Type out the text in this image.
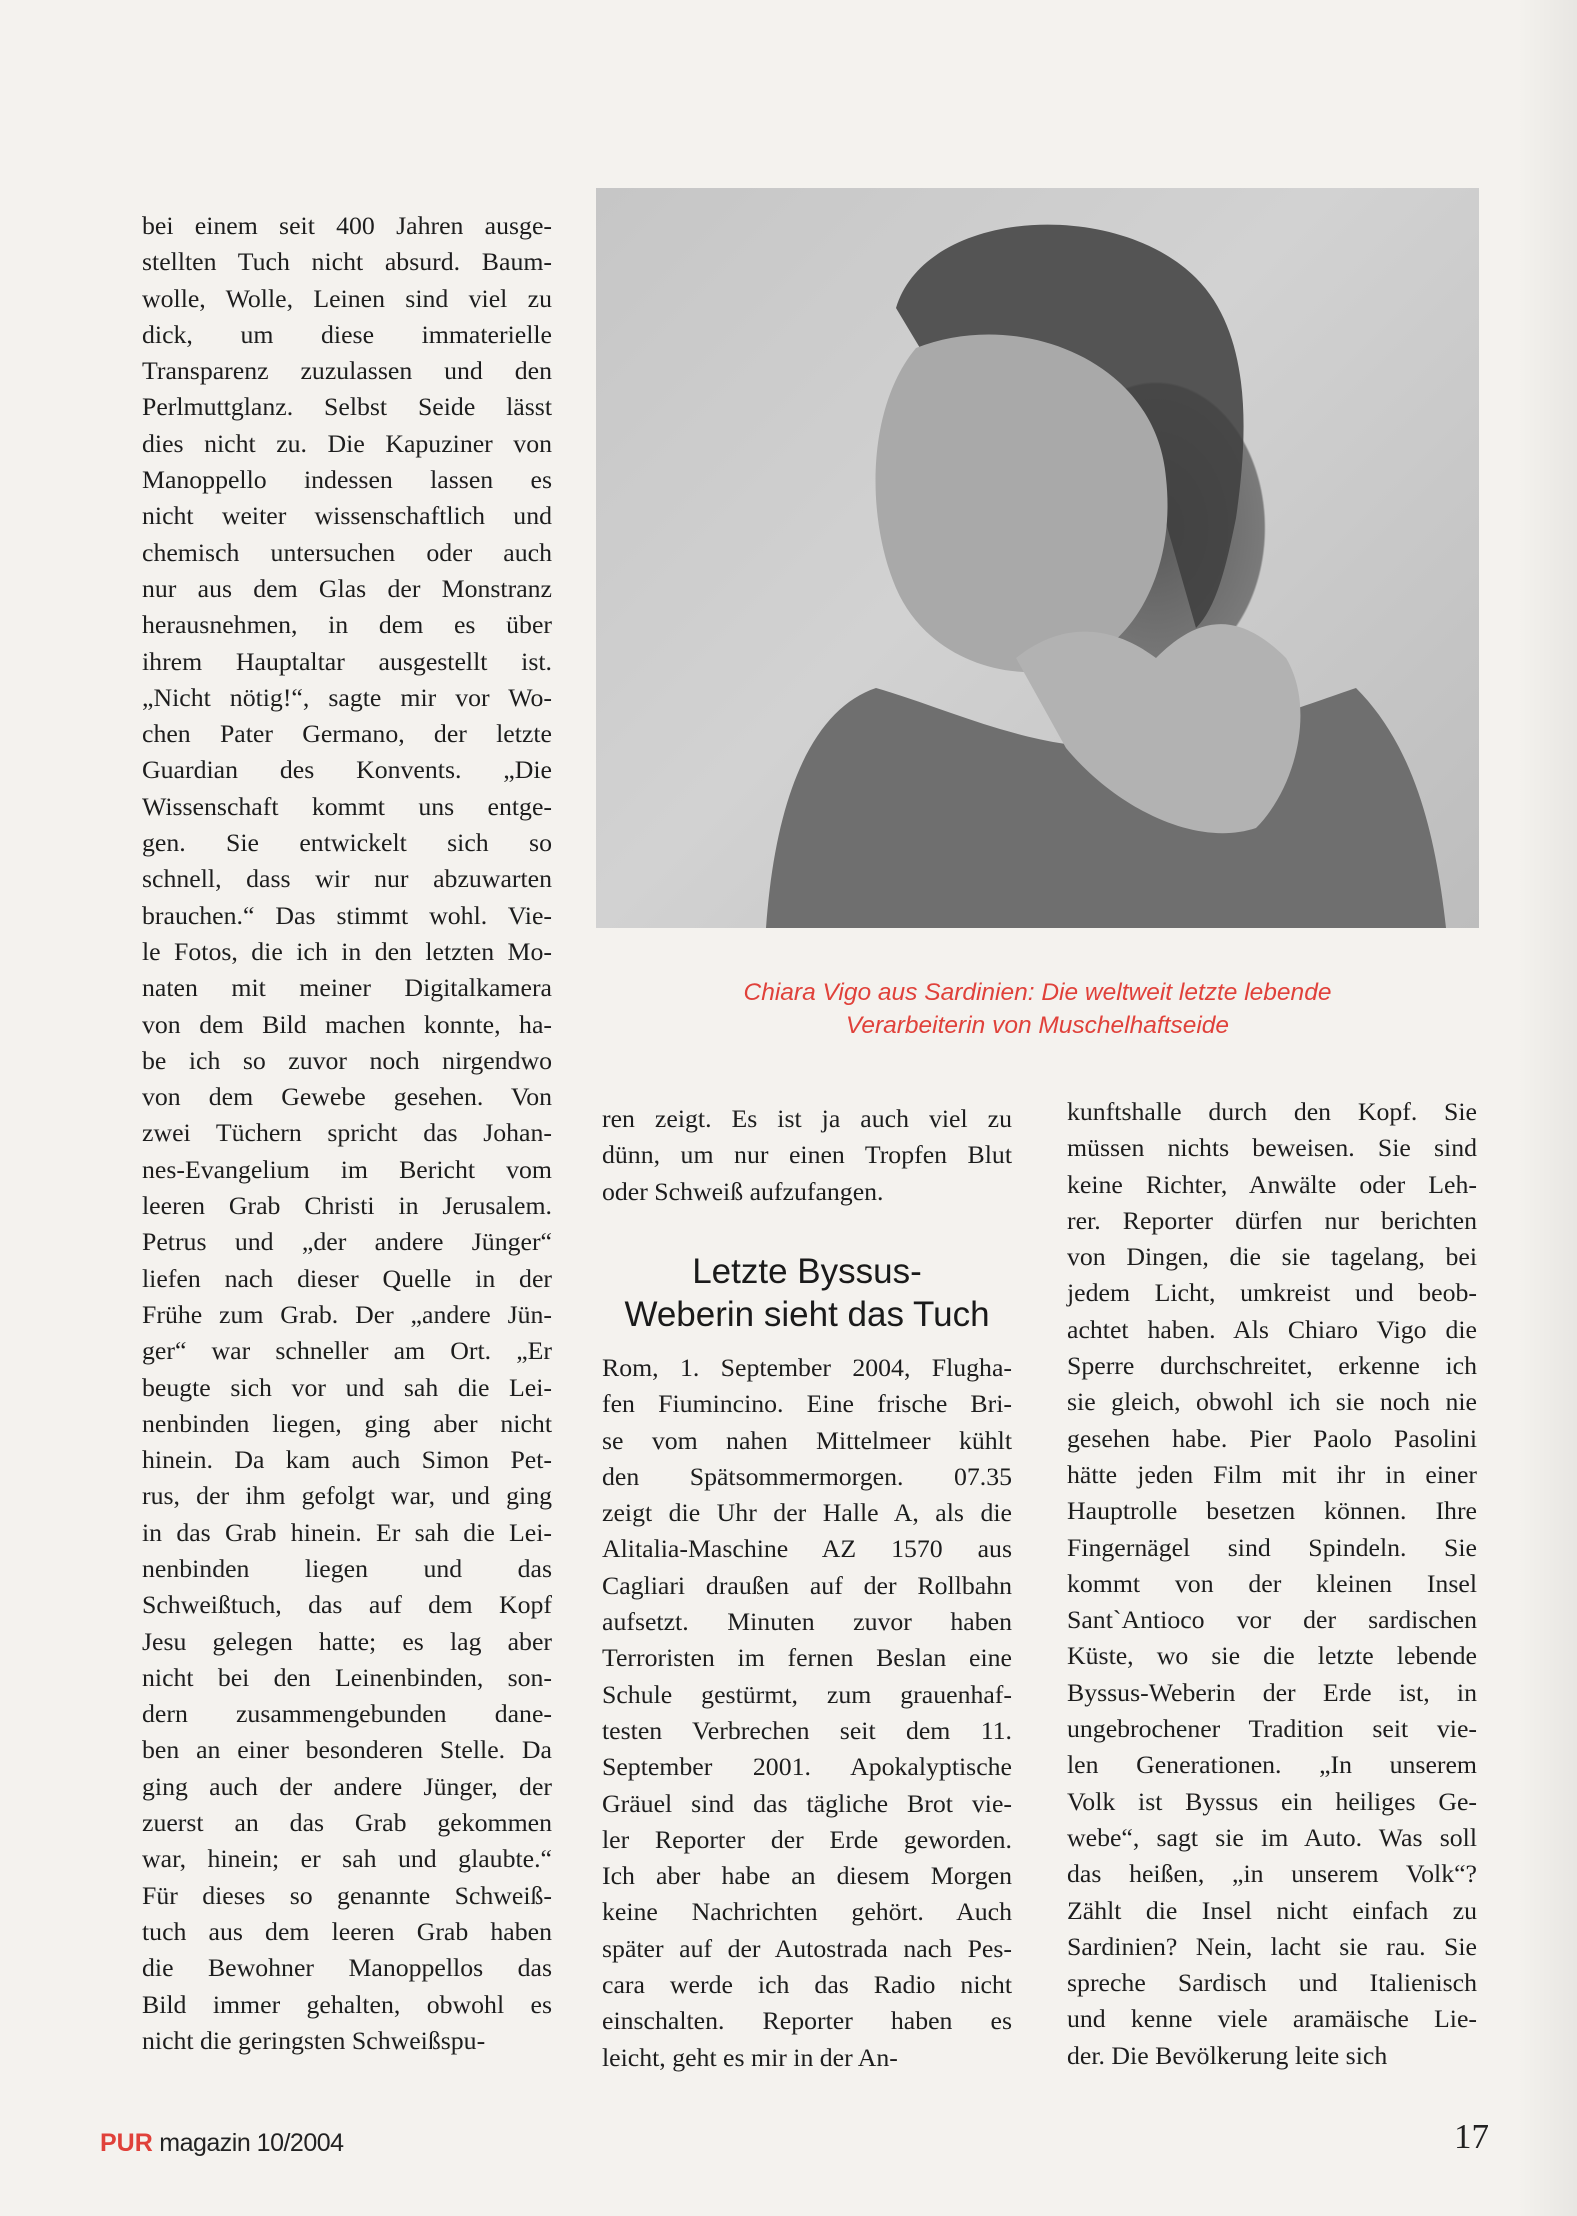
bei einem seit 400 Jahren ausge-

stellten Tuch nicht absurd. Baum-

wolle, Wolle, Leinen sind viel zu

dick, um diese immaterielle

Transparenz zuzulassen und den

Perlmuttglanz. Selbst Seide lässt

dies nicht zu. Die Kapuziner von

Manoppello indessen lassen es

nicht weiter wissenschaftlich und

chemisch untersuchen oder auch

nur aus dem Glas der Monstranz

herausnehmen, in dem es über

ihrem Hauptaltar ausgestellt ist.

„Nicht nötig!“, sagte mir vor Wo-

chen Pater Germano, der letzte

Guardian des Konvents. „Die

Wissenschaft kommt uns entge-

gen. Sie entwickelt sich so

schnell, dass wir nur abzuwarten

brauchen.“ Das stimmt wohl. Vie-

le Fotos, die ich in den letzten Mo-

naten mit meiner Digitalkamera

von dem Bild machen konnte, ha-

be ich so zuvor noch nirgendwo

von dem Gewebe gesehen. Von

zwei Tüchern spricht das Johan-

nes-Evangelium im Bericht vom

leeren Grab Christi in Jerusalem.

Petrus und „der andere Jünger“

liefen nach dieser Quelle in der

Frühe zum Grab. Der „andere Jün-

ger“ war schneller am Ort. „Er

beugte sich vor und sah die Lei-

nenbinden liegen, ging aber nicht

hinein. Da kam auch Simon Pet-

rus, der ihm gefolgt war, und ging

in das Grab hinein. Er sah die Lei-

nenbinden liegen und das

Schweißtuch, das auf dem Kopf

Jesu gelegen hatte; es lag aber

nicht bei den Leinenbinden, son-

dern zusammengebunden dane-

ben an einer besonderen Stelle. Da

ging auch der andere Jünger, der

zuerst an das Grab gekommen

war, hinein; er sah und glaubte.“

Für dieses so genannte Schweiß-

tuch aus dem leeren Grab haben

die Bewohner Manoppellos das

Bild immer gehalten, obwohl es

nicht die geringsten Schweißspu-

Chiara Vigo aus Sardinien: Die weltweit letzte lebende
Verarbeiterin von Muschelhaftseide

ren zeigt. Es ist ja auch viel zu

dünn, um nur einen Tropfen Blut

oder Schweiß aufzufangen.

Letzte Byssus-
Weberin sieht das Tuch

Rom, 1. September 2004, Flugha-

fen Fiumincino. Eine frische Bri-

se vom nahen Mittelmeer kühlt

den Spätsommermorgen. 07.35

zeigt die Uhr der Halle A, als die

Alitalia-Maschine AZ 1570 aus

Cagliari draußen auf der Rollbahn

aufsetzt. Minuten zuvor haben

Terroristen im fernen Beslan eine

Schule gestürmt, zum grauenhaf-

testen Verbrechen seit dem 11.

September 2001. Apokalyptische

Gräuel sind das tägliche Brot vie-

ler Reporter der Erde geworden.

Ich aber habe an diesem Morgen

keine Nachrichten gehört. Auch

später auf der Autostrada nach Pes-

cara werde ich das Radio nicht

einschalten. Reporter haben es

leicht, geht es mir in der An-

kunftshalle durch den Kopf. Sie

müssen nichts beweisen. Sie sind

keine Richter, Anwälte oder Leh-

rer. Reporter dürfen nur berichten

von Dingen, die sie tagelang, bei

jedem Licht, umkreist und beob-

achtet haben. Als Chiaro Vigo die

Sperre durchschreitet, erkenne ich

sie gleich, obwohl ich sie noch nie

gesehen habe. Pier Paolo Pasolini

hätte jeden Film mit ihr in einer

Hauptrolle besetzen können. Ihre

Fingernägel sind Spindeln. Sie

kommt von der kleinen Insel

Sant`Antioco vor der sardischen

Küste, wo sie die letzte lebende

Byssus-Weberin der Erde ist, in

ungebrochener Tradition seit vie-

len Generationen. „In unserem

Volk ist Byssus ein heiliges Ge-

webe“, sagt sie im Auto. Was soll

das heißen, „in unserem Volk“?

Zählt die Insel nicht einfach zu

Sardinien? Nein, lacht sie rau. Sie

spreche Sardisch und Italienisch

und kenne viele aramäische Lie-

der. Die Bevölkerung leite sich

PUR magazin 10/2004	17
